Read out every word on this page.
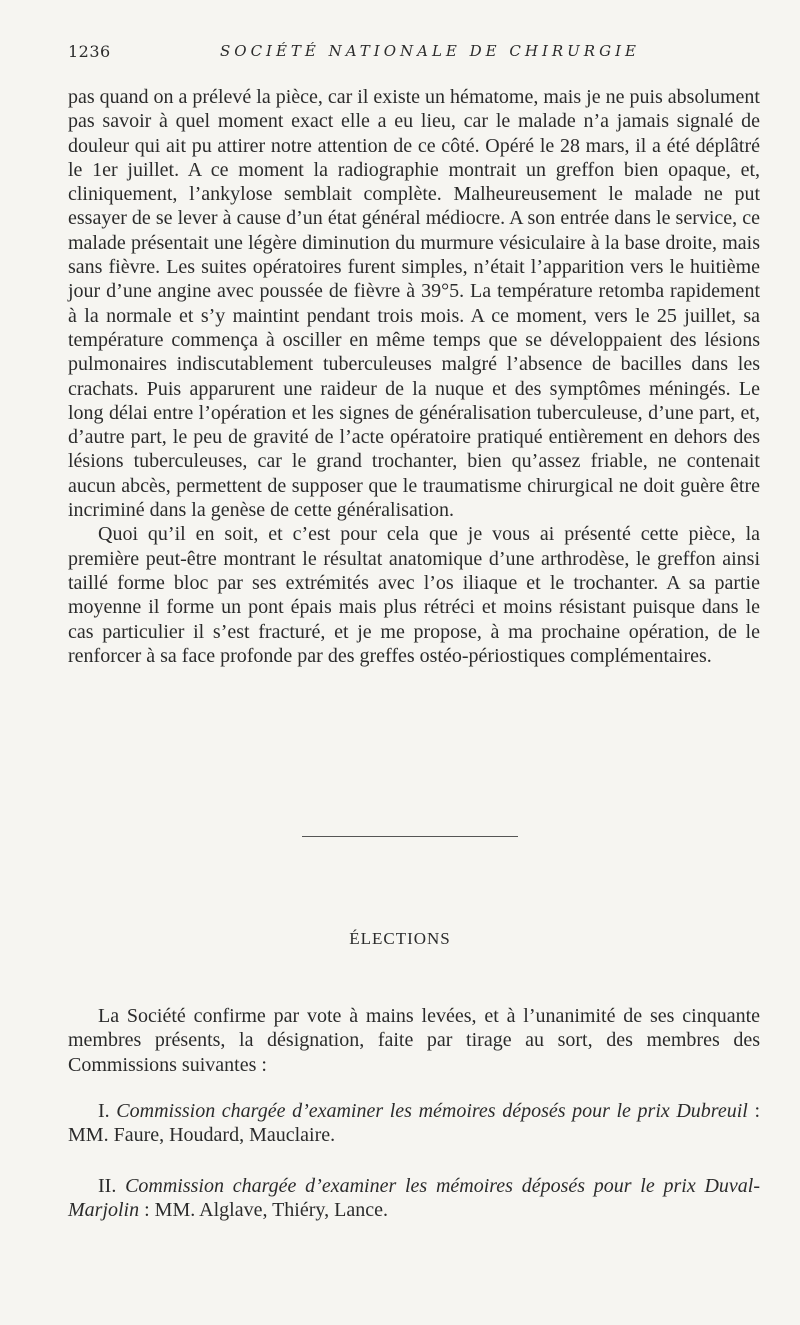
1236	SOCIÉTÉ NATIONALE DE CHIRURGIE

pas quand on a prélevé la pièce, car il existe un hématome, mais je ne puis absolument pas savoir à quel moment exact elle a eu lieu, car le malade n’a jamais signalé de douleur qui ait pu attirer notre attention de ce côté. Opéré le 28 mars, il a été déplâtré le 1er juillet. A ce moment la radiographie montrait un greffon bien opaque, et, cliniquement, l’ankylose semblait complète. Malheureusement le malade ne put essayer de se lever à cause d’un état général médiocre. A son entrée dans le service, ce malade présentait une légère diminution du murmure vésiculaire à la base droite, mais sans fièvre. Les suites opératoires furent simples, n’était l’apparition vers le huitième jour d’une angine avec poussée de fièvre à 39°5. La température retomba rapidement à la normale et s’y maintint pendant trois mois. A ce moment, vers le 25 juillet, sa température commença à osciller en même temps que se développaient des lésions pulmonaires indiscutablement tuberculeuses malgré l’absence de bacilles dans les crachats. Puis apparurent une raideur de la nuque et des symptômes méningés. Le long délai entre l’opération et les signes de généralisation tuberculeuse, d’une part, et, d’autre part, le peu de gravité de l’acte opératoire pratiqué entièrement en dehors des lésions tuberculeuses, car le grand trochanter, bien qu’assez friable, ne contenait aucun abcès, permettent de supposer que le traumatisme chirurgical ne doit guère être incriminé dans la genèse de cette généralisation.

Quoi qu’il en soit, et c’est pour cela que je vous ai présenté cette pièce, la première peut-être montrant le résultat anatomique d’une arthrodèse, le greffon ainsi taillé forme bloc par ses extrémités avec l’os iliaque et le trochanter. A sa partie moyenne il forme un pont épais mais plus rétréci et moins résistant puisque dans le cas particulier il s’est fracturé, et je me propose, à ma prochaine opération, de le renforcer à sa face profonde par des greffes ostéo-périostiques complémentaires.

ÉLECTIONS

La Société confirme par vote à mains levées, et à l’unanimité de ses cinquante membres présents, la désignation, faite par tirage au sort, des membres des Commissions suivantes :

I. Commission chargée d’examiner les mémoires déposés pour le prix Dubreuil : MM. Faure, Houdard, Mauclaire.

II. Commission chargée d’examiner les mémoires déposés pour le prix Duval-Marjolin : MM. Alglave, Thiéry, Lance.
